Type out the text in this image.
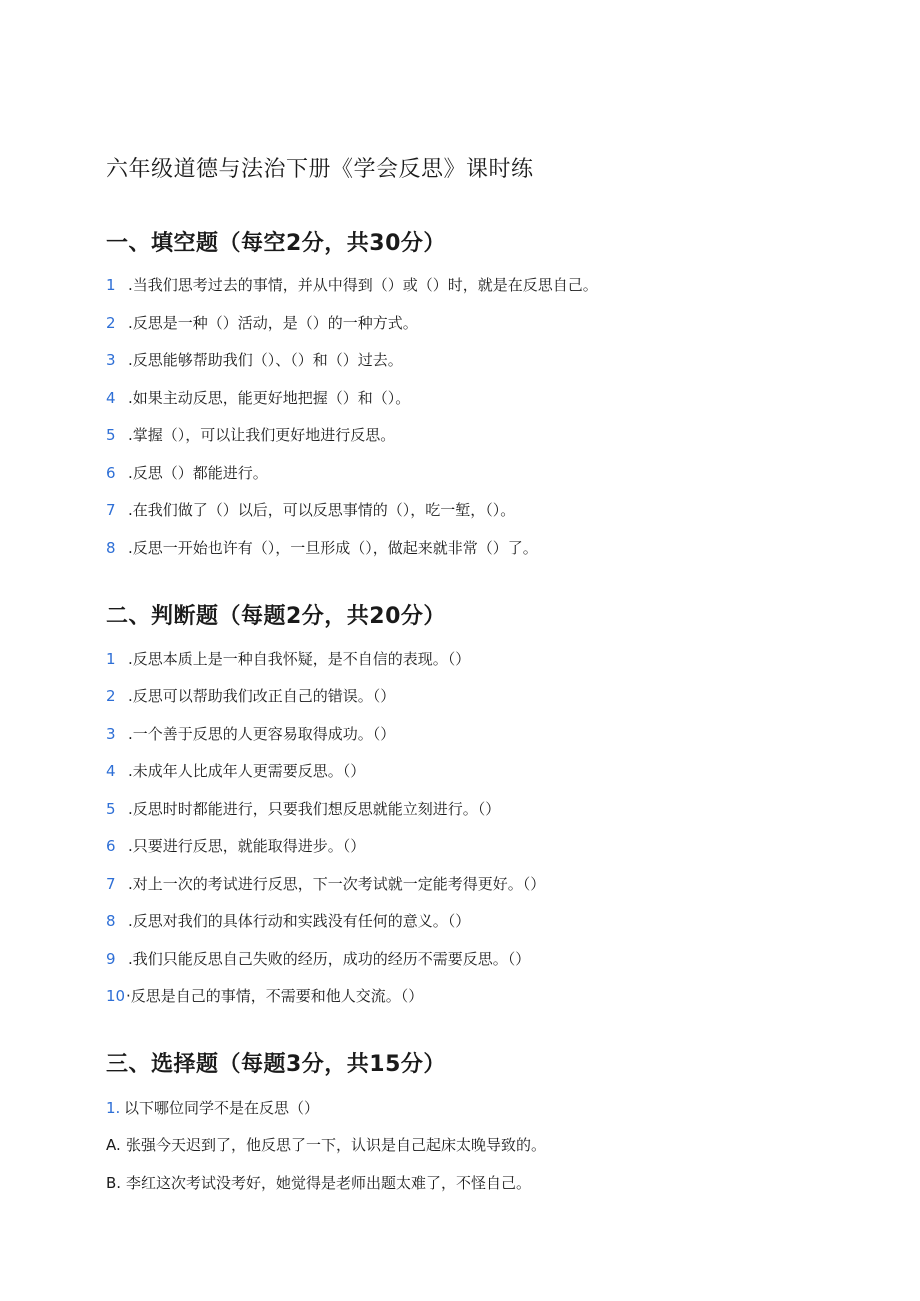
六年级道德与法治下册《学会反思》课时练
一、填空题（每空2分，共30分）
1 .当我们思考过去的事情，并从中得到（）或（）时，就是在反思自己。
2 .反思是一种（）活动，是（）的一种方式。
3 .反思能够帮助我们（）、（）和（）过去。
4 .如果主动反思，能更好地把握（）和（）。
5 .掌握（），可以让我们更好地进行反思。
6 .反思（）都能进行。
7 .在我们做了（）以后，可以反思事情的（），吃一堑，（）。
8 .反思一开始也许有（），一旦形成（），做起来就非常（）了。
二、判断题（每题2分，共20分）
1 .反思本质上是一种自我怀疑，是不自信的表现。（）
2 .反思可以帮助我们改正自己的错误。（）
3 .一个善于反思的人更容易取得成功。（）
4 .未成年人比成年人更需要反思。（）
5 .反思时时都能进行，只要我们想反思就能立刻进行。（）
6 .只要进行反思，就能取得进步。（）
7 .对上一次的考试进行反思，下一次考试就一定能考得更好。（）
8 .反思对我们的具体行动和实践没有任何的意义。（）
9 .我们只能反思自己失败的经历，成功的经历不需要反思。（）
10·反思是自己的事情，不需要和他人交流。（）
三、选择题（每题3分，共15分）
1. 以下哪位同学不是在反思（）
A. 张强今天迟到了，他反思了一下，认识是自己起床太晚导致的。
B. 李红这次考试没考好，她觉得是老师出题太难了，不怪自己。
